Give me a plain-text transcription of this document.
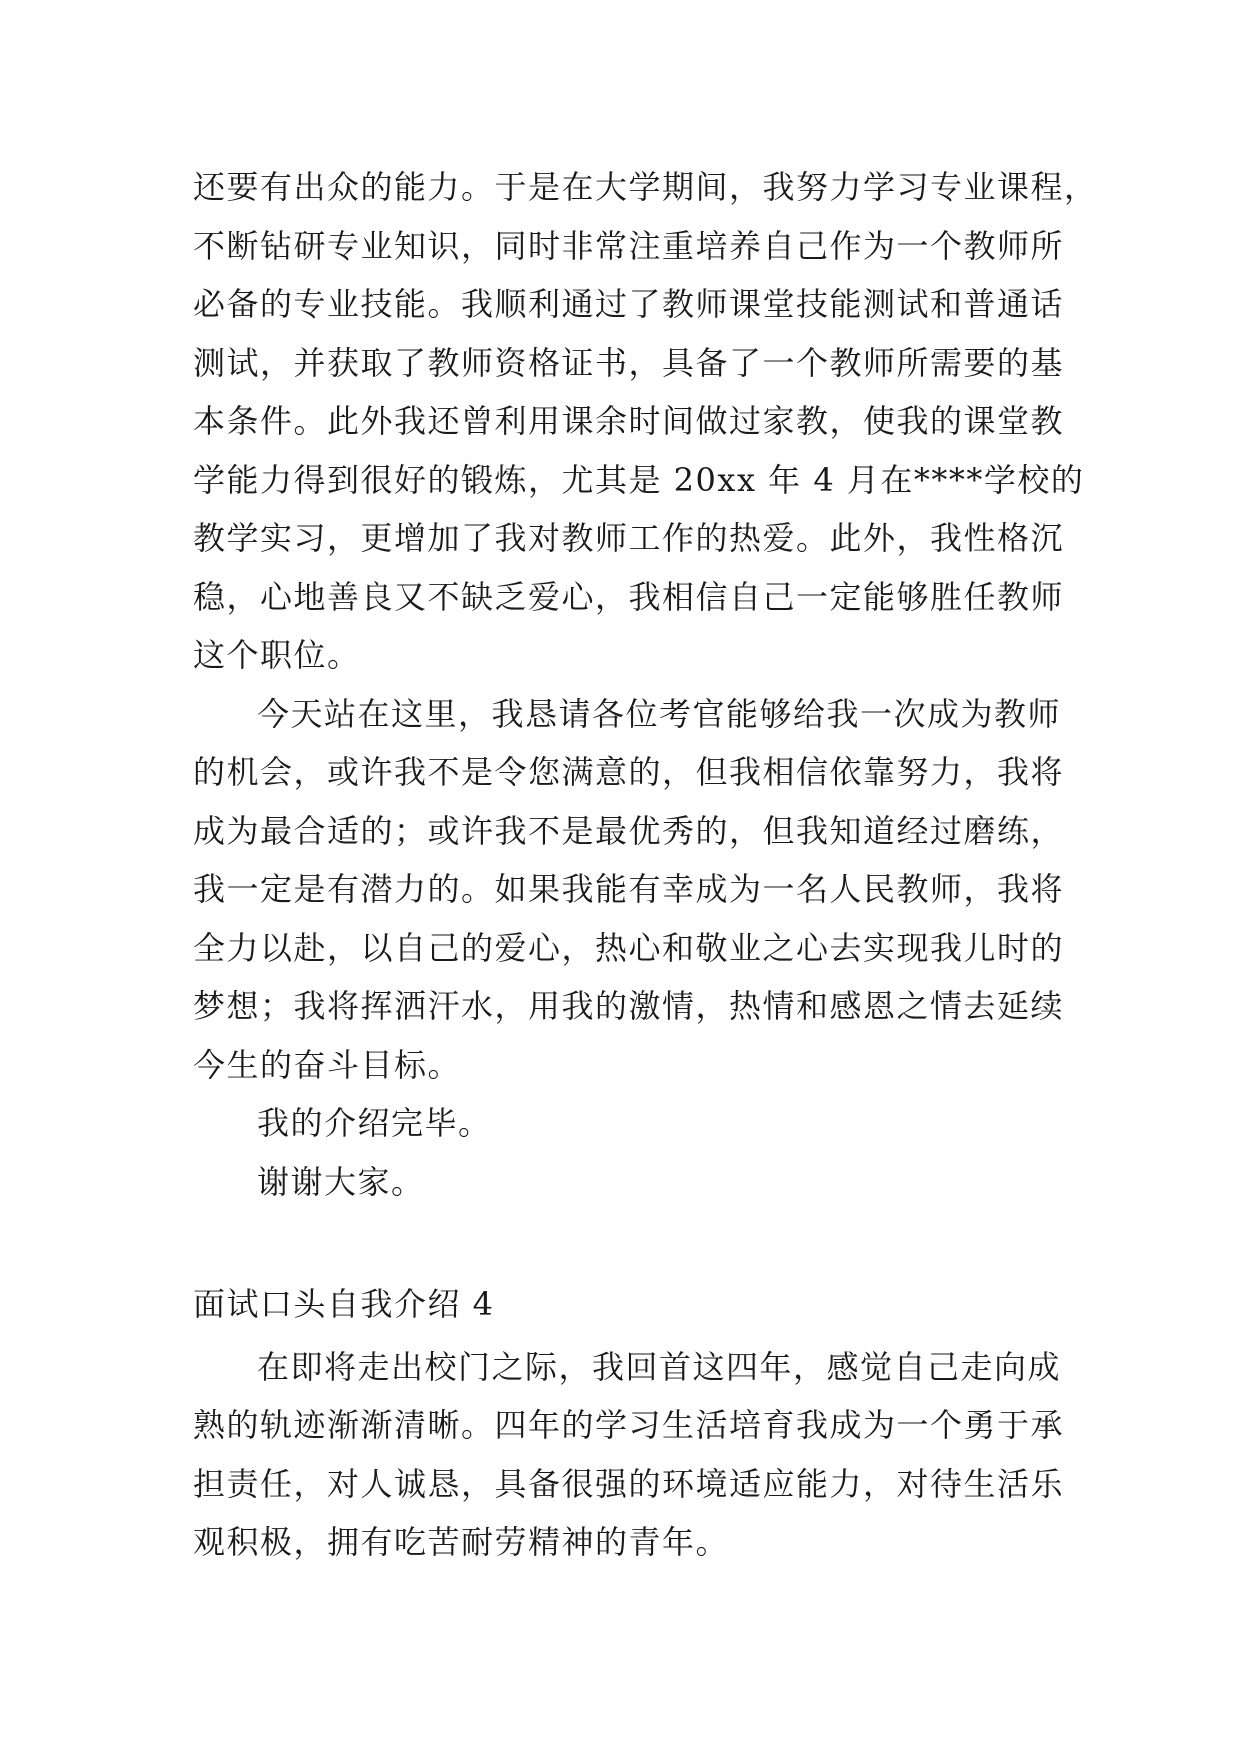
还要有出众的能力。于是在大学期间，我努力学习专业课程，
不断钻研专业知识，同时非常注重培养自己作为一个教师所
必备的专业技能。我顺利通过了教师课堂技能测试和普通话
测试，并获取了教师资格证书，具备了一个教师所需要的基
本条件。此外我还曾利用课余时间做过家教，使我的课堂教
学能力得到很好的锻炼，尤其是 20xx 年 4 月在****学校的
教学实习，更增加了我对教师工作的热爱。此外，我性格沉
稳，心地善良又不缺乏爱心，我相信自己一定能够胜任教师
这个职位。
今天站在这里，我恳请各位考官能够给我一次成为教师
的机会，或许我不是令您满意的，但我相信依靠努力，我将
成为最合适的；或许我不是最优秀的，但我知道经过磨练，
我一定是有潜力的。如果我能有幸成为一名人民教师，我将
全力以赴，以自己的爱心，热心和敬业之心去实现我儿时的
梦想；我将挥洒汗水，用我的激情，热情和感恩之情去延续
今生的奋斗目标。
我的介绍完毕。
谢谢大家。
面试口头自我介绍 4
在即将走出校门之际，我回首这四年，感觉自己走向成
熟的轨迹渐渐清晰。四年的学习生活培育我成为一个勇于承
担责任，对人诚恳，具备很强的环境适应能力，对待生活乐
观积极，拥有吃苦耐劳精神的青年。
